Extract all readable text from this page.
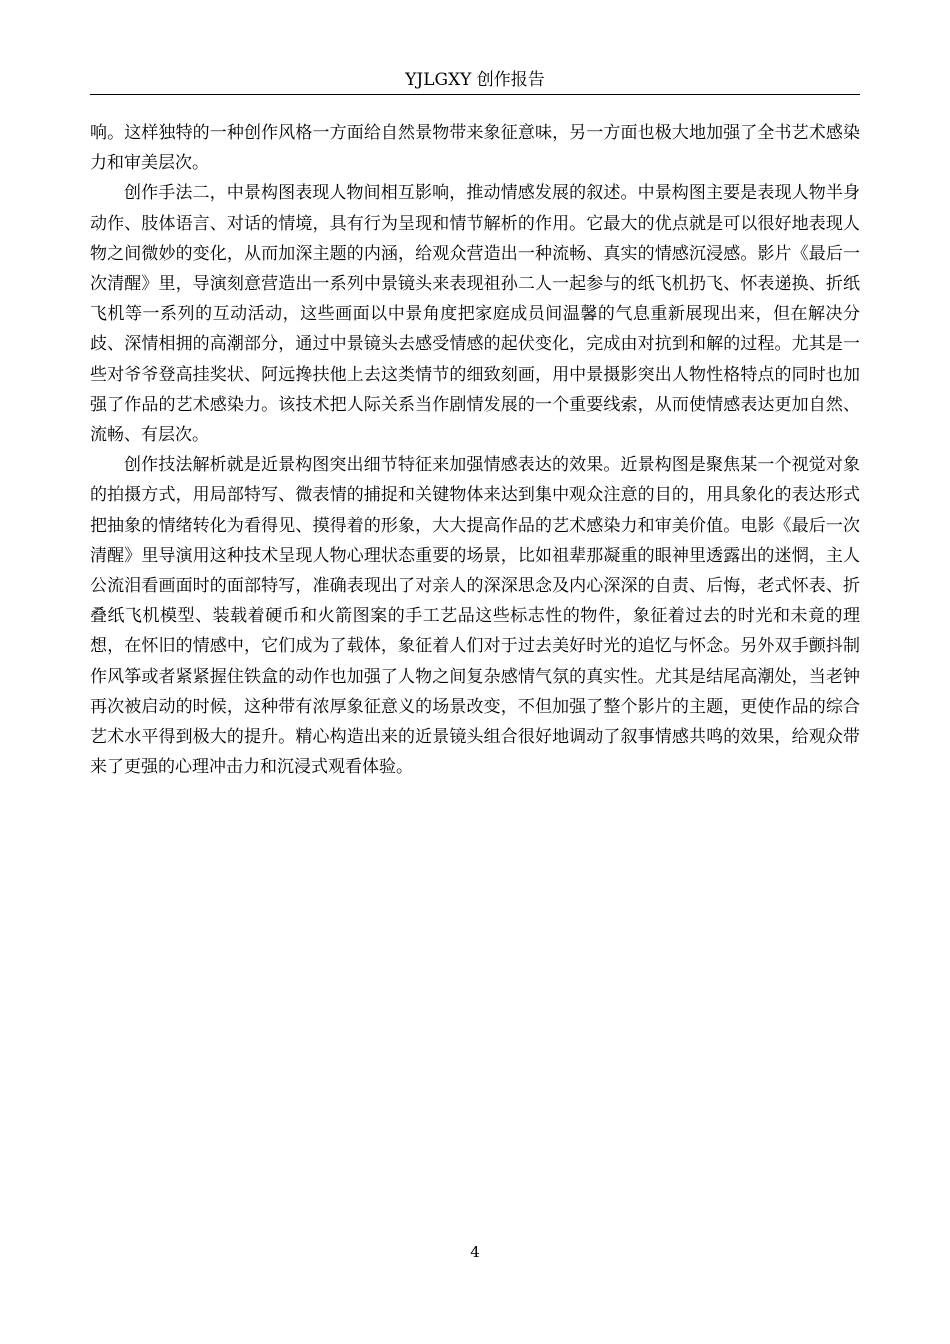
YJLGXY 创作报告

响。这样独特的一种创作风格一方面给自然景物带来象征意味，另一方面也极大地加强了全书艺术感染力和审美层次。

创作手法二，中景构图表现人物间相互影响，推动情感发展的叙述。中景构图主要是表现人物半身动作、肢体语言、对话的情境，具有行为呈现和情节解析的作用。它最大的优点就是可以很好地表现人物之间微妙的变化，从而加深主题的内涵，给观众营造出一种流畅、真实的情感沉浸感。影片《最后一次清醒》里，导演刻意营造出一系列中景镜头来表现祖孙二人一起参与的纸飞机扔飞、怀表递换、折纸飞机等一系列的互动活动，这些画面以中景角度把家庭成员间温馨的气息重新展现出来，但在解决分歧、深情相拥的高潮部分，通过中景镜头去感受情感的起伏变化，完成由对抗到和解的过程。尤其是一些对爷爷登高挂奖状、阿远搀扶他上去这类情节的细致刻画，用中景摄影突出人物性格特点的同时也加强了作品的艺术感染力。该技术把人际关系当作剧情发展的一个重要线索，从而使情感表达更加自然、流畅、有层次。

创作技法解析就是近景构图突出细节特征来加强情感表达的效果。近景构图是聚焦某一个视觉对象的拍摄方式，用局部特写、微表情的捕捉和关键物体来达到集中观众注意的目的，用具象化的表达形式把抽象的情绪转化为看得见、摸得着的形象，大大提高作品的艺术感染力和审美价值。电影《最后一次清醒》里导演用这种技术呈现人物心理状态重要的场景，比如祖辈那凝重的眼神里透露出的迷惘，主人公流泪看画面时的面部特写，准确表现出了对亲人的深深思念及内心深深的自责、后悔，老式怀表、折叠纸飞机模型、装载着硬币和火箭图案的手工艺品这些标志性的物件，象征着过去的时光和未竟的理想，在怀旧的情感中，它们成为了载体，象征着人们对于过去美好时光的追忆与怀念。另外双手颤抖制作风筝或者紧紧握住铁盒的动作也加强了人物之间复杂感情气氛的真实性。尤其是结尾高潮处，当老钟再次被启动的时候，这种带有浓厚象征意义的场景改变，不但加强了整个影片的主题，更使作品的综合艺术水平得到极大的提升。精心构造出来的近景镜头组合很好地调动了叙事情感共鸣的效果，给观众带来了更强的心理冲击力和沉浸式观看体验。

4
